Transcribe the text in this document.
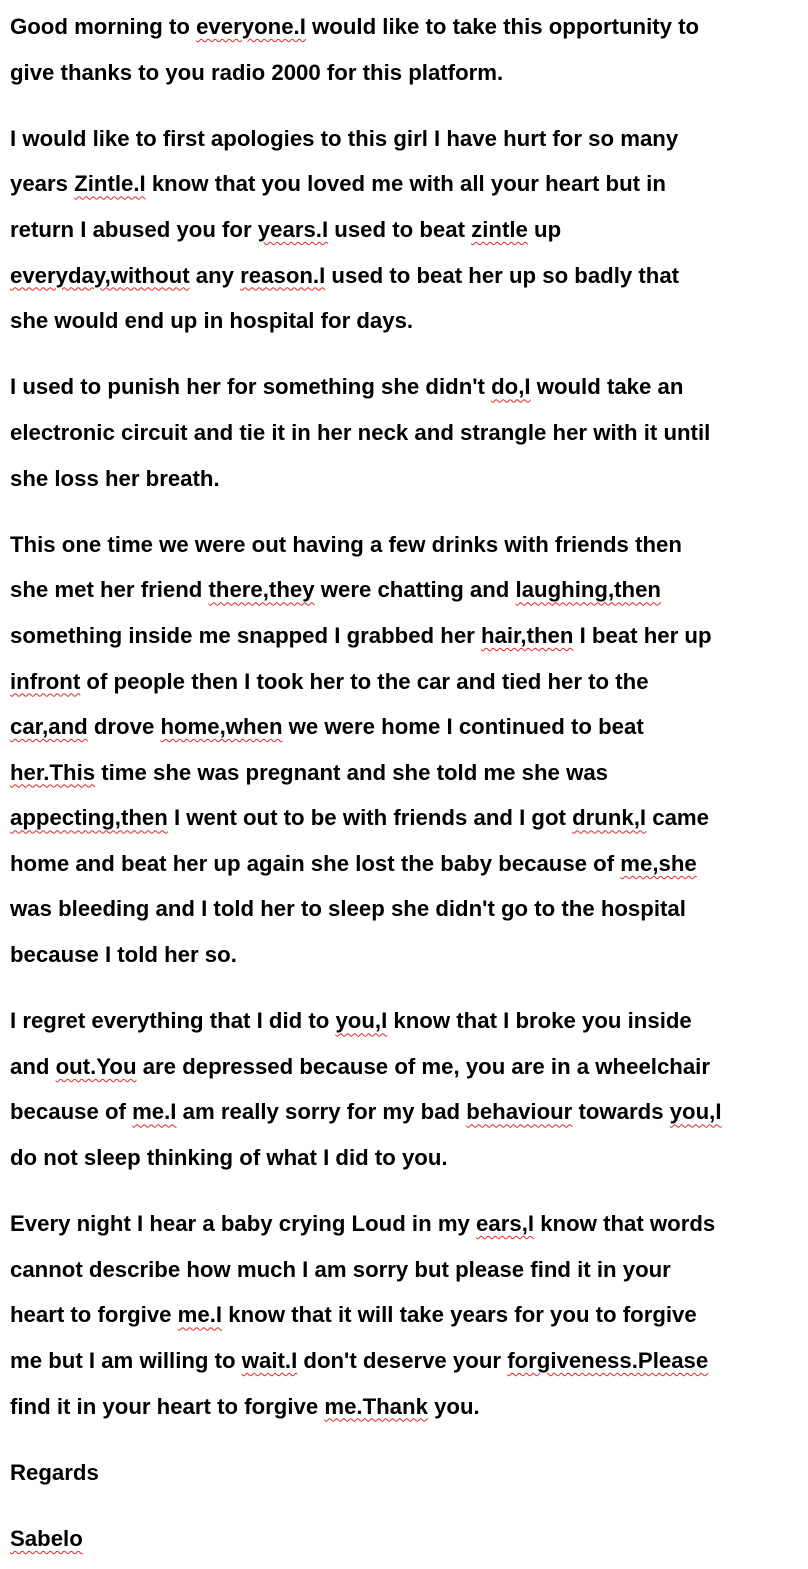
Good morning to everyone.I would like to take this opportunity to
give thanks to you radio 2000 for this platform.
I would like to first apologies to this girl I have hurt for so many
years Zintle.I know that you loved me with all your heart but in
return I abused you for years.I used to beat zintle up
everyday,without any reason.I used to beat her up so badly that
she would end up in hospital for days.
I used to punish her for something she didn't do,I would take an
electronic circuit and tie it in her neck and strangle her with it until
she loss her breath.
This one time we were out having a few drinks with friends then
she met her friend there,they were chatting and laughing,then
something inside me snapped I grabbed her hair,then I beat her up
infront of people then I took her to the car and tied her to the
car,and drove home,when we were home I continued to beat
her.This time she was pregnant and she told me she was
appecting,then I went out to be with friends and I got drunk,I came
home and beat her up again she lost the baby because of me,she
was bleeding and I told her to sleep she didn't go to the hospital
because I told her so.
I regret everything that I did to you,I know that I broke you inside
and out.You are depressed because of me, you are in a wheelchair
because of me.I am really sorry for my bad behaviour towards you,I
do not sleep thinking of what I did to you.
Every night I hear a baby crying Loud in my ears,I know that words
cannot describe how much I am sorry but please find it in your
heart to forgive me.I know that it will take years for you to forgive
me but I am willing to wait.I don't deserve your forgiveness.Please
find it in your heart to forgive me.Thank you.
Regards
Sabelo
